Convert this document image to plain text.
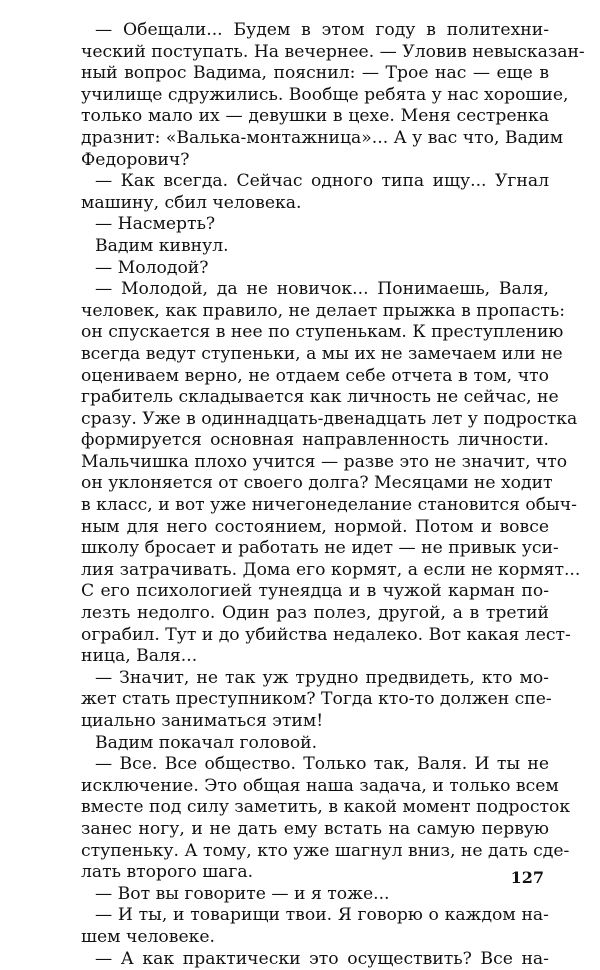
— Обещали... Будем в этом году в политехни-
ческий поступать. На вечернее. — Уловив невысказан-
ный вопрос Вадима, пояснил: — Трое нас — еще в
училище сдружились. Вообще ребята у нас хорошие,
только мало их — девушки в цехе. Меня сестренка
дразнит: «Валька-монтажница»... А у вас что, Вадим
Федорович?
— Как всегда. Сейчас одного типа ищу... Угнал
машину, сбил человека.
— Насмерть?
Вадим кивнул.
— Молодой?
— Молодой, да не новичок... Понимаешь, Валя,
человек, как правило, не делает прыжка в пропасть:
он спускается в нее по ступенькам. К преступлению
всегда ведут ступеньки, а мы их не замечаем или не
оцениваем верно, не отдаем себе отчета в том, что
грабитель складывается как личность не сейчас, не
сразу. Уже в одиннадцать-двенадцать лет у подростка
формируется основная направленность личности.
Мальчишка плохо учится — разве это не значит, что
он уклоняется от своего долга? Месяцами не ходит
в класс, и вот уже ничегонеделание становится обыч-
ным для него состоянием, нормой. Потом и вовсе
школу бросает и работать не идет — не привык уси-
лия затрачивать. Дома его кормят, а если не кормят...
С его психологией тунеядца и в чужой карман по-
лезть недолго. Один раз полез, другой, а в третий
ограбил. Тут и до убийства недалеко. Вот какая лест-
ница, Валя...
— Значит, не так уж трудно предвидеть, кто мо-
жет стать преступником? Тогда кто-то должен спе-
циально заниматься этим!
Вадим покачал головой.
— Все. Все общество. Только так, Валя. И ты не
исключение. Это общая наша задача, и только всем
вместе под силу заметить, в какой момент подросток
занес ногу, и не дать ему встать на самую первую
ступеньку. А тому, кто уже шагнул вниз, не дать сде-
лать второго шага.
— Вот вы говорите — и я тоже...
— И ты, и товарищи твои. Я говорю о каждом на-
шем человеке.
— А как практически это осуществить? Все на-
127
